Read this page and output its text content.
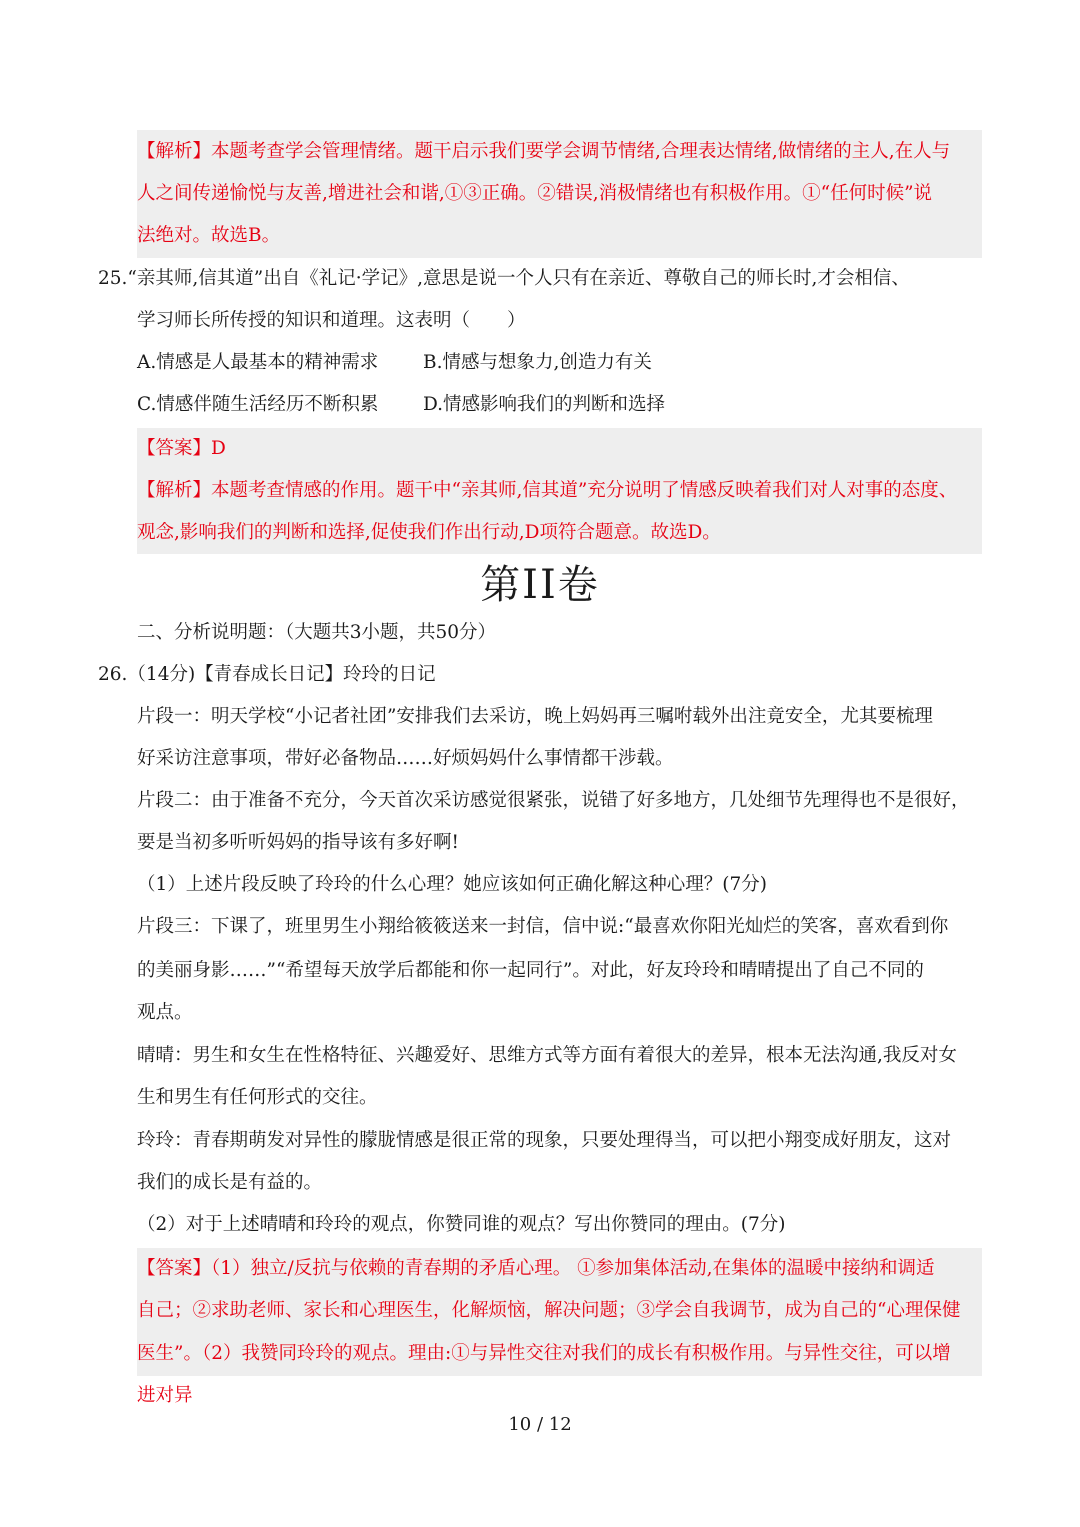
【解析】本题考查学会管理情绪。题干启示我们要学会调节情绪,合理表达情绪,做情绪的主人,在人与
人之间传递愉悦与友善,增进社会和谐,①③正确。②错误,消极情绪也有积极作用。①“任何时候”说
法绝对。故选B。
25.“亲其师,信其道”出自《礼记·学记》,意思是说一个人只有在亲近、尊敬自己的师长时,才会相信、
学习师长所传授的知识和道理。这表明（　　）
A.情感是人最基本的精神需求 B.情感与想象力,创造力有关
C.情感伴随生活经历不断积累 D.情感影响我们的判断和选择
【答案】D
【解析】本题考查情感的作用。题干中“亲其师,信其道”充分说明了情感反映着我们对人对事的态度、
观念,影响我们的判断和选择,促使我们作出行动,D项符合题意。故选D。
第II卷
二、分析说明题：（大题共3小题，共50分）
26.（14分)【青春成长日记】玲玲的日记
片段一：明天学校“小记者社团”安排我们去采访，晚上妈妈再三嘱咐载外出注竟安全，尤其要梳理
好采访注意事项，带好必备物品……好烦妈妈什么事情都干涉载。
片段二：由于准备不充分，今天首次采访感觉很紧张，说错了好多地方，几处细节先理得也不是很好，
要是当初多听听妈妈的指导该有多好啊!
（1）上述片段反映了玲玲的什么心理？她应该如何正确化解这种心理？(7分)
片段三：下课了，班里男生小翔给筱筱送来一封信，信中说:“最喜欢你阳光灿烂的笑客，喜欢看到你
的美丽身影……”“希望每天放学后都能和你一起同行”。对此，好友玲玲和晴晴提出了自己不同的
观点。
晴晴：男生和女生在性格特征、兴趣爱好、思维方式等方面有着很大的差异，根本无法沟通,我反对女
生和男生有任何形式的交往。
玲玲：青春期萌发对异性的朦胧情感是很正常的现象，只要处理得当，可以把小翔变成好朋友，这对
我们的成长是有益的。
（2）对于上述晴晴和玲玲的观点，你赞同谁的观点？写出你赞同的理由。(7分)
【答案】（1）独立/反抗与依赖的青春期的矛盾心理。 ①参加集体活动,在集体的温暖中接纳和调适
自己；②求助老师、家长和心理医生，化解烦恼，解决问题；③学会自我调节，成为自己的“心理保健
医生”。（2）我赞同玲玲的观点。理由:①与异性交往对我们的成长有积极作用。与异性交往，可以增
进对异
10 / 12
